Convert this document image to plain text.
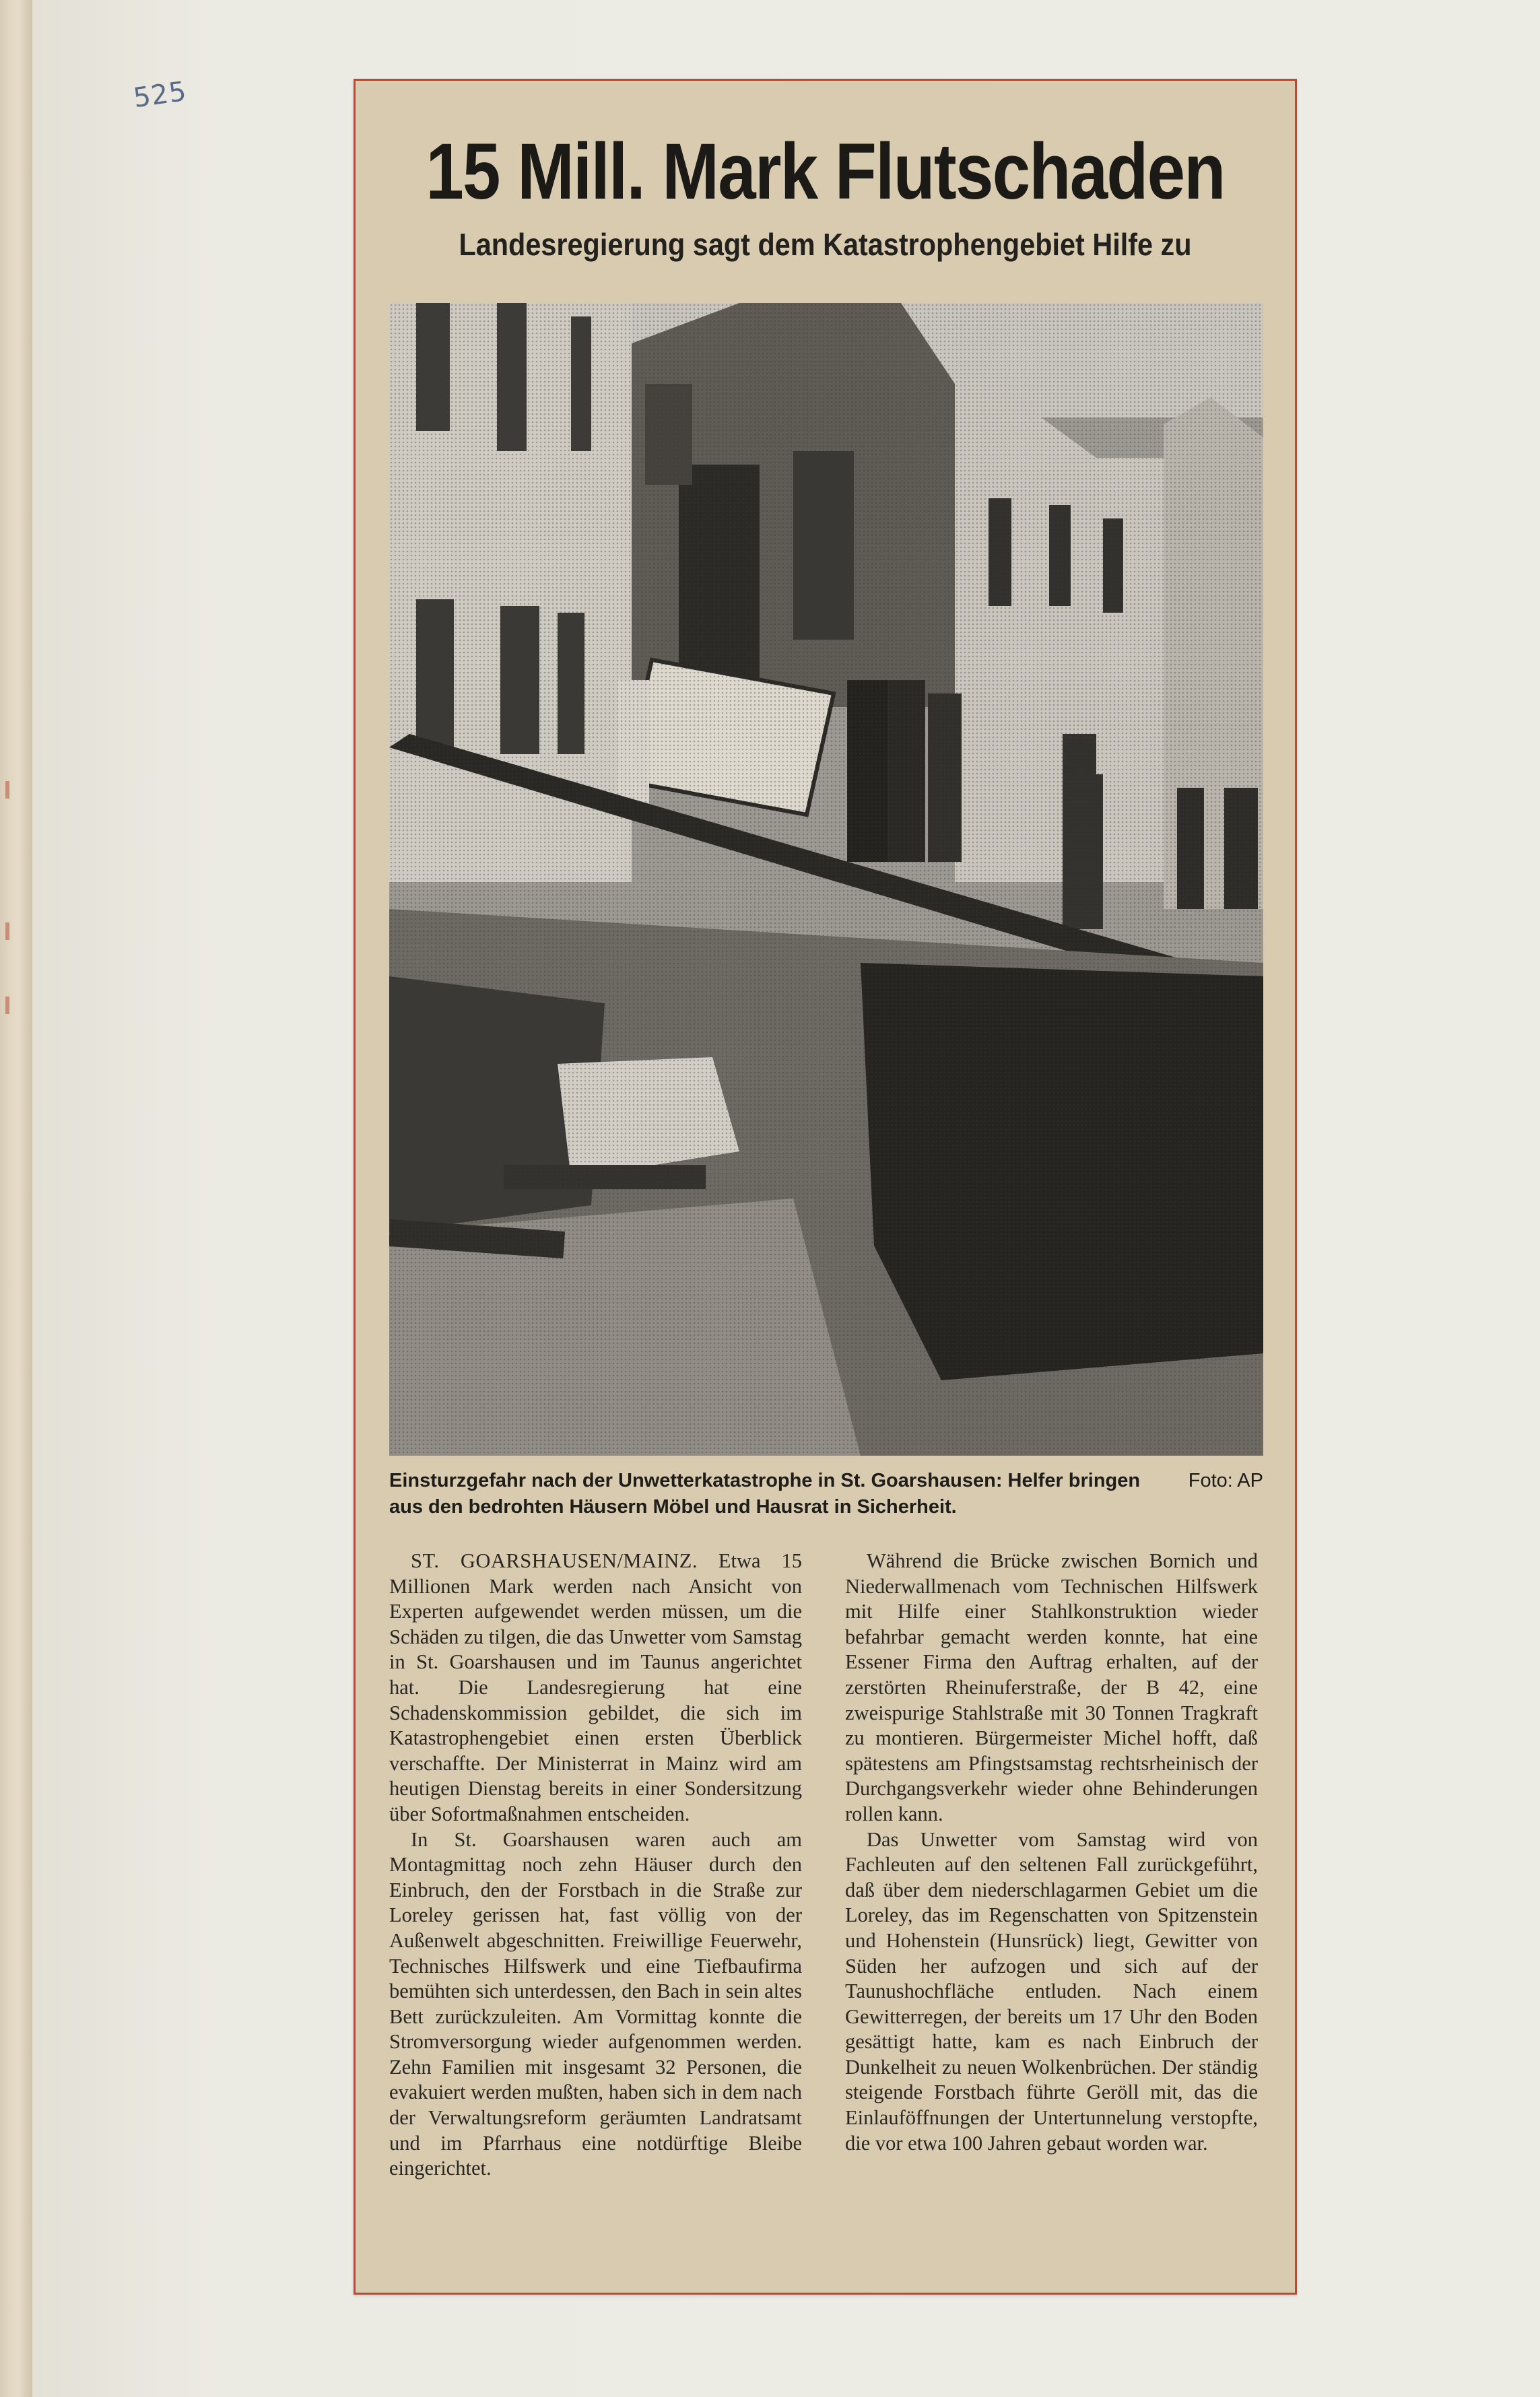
525
15 Mill. Mark Flutschaden
Landesregierung sagt dem Katastrophengebiet Hilfe zu
Foto: AP
Einsturzgefahr nach der Unwetterkatastrophe in St. Goarshausen: Helfer bringen aus den bedrohten Häusern Möbel und Hausrat in Sicherheit.

ST. GOARSHAUSEN/MAINZ. Etwa 15 Millionen Mark werden nach Ansicht von Experten aufgewendet werden müssen, um die Schäden zu tilgen, die das Unwetter vom Samstag in St. Goarshausen und im Taunus angerichtet hat. Die Landesregierung hat eine Schadenskommission gebildet, die sich im Katastrophengebiet einen ersten Überblick verschaffte. Der Ministerrat in Mainz wird am heutigen Dienstag bereits in einer Sondersitzung über Sofortmaßnahmen entscheiden.

In St. Goarshausen waren auch am Montagmittag noch zehn Häuser durch den Einbruch, den der Forstbach in die Straße zur Loreley gerissen hat, fast völlig von der Außenwelt abgeschnitten. Freiwillige Feuerwehr, Technisches Hilfswerk und eine Tiefbaufirma bemühten sich unterdessen, den Bach in sein altes Bett zurückzuleiten. Am Vormittag konnte die Stromversorgung wieder aufgenommen werden. Zehn Familien mit insgesamt 32 Personen, die evakuiert werden mußten, haben sich in dem nach der Verwaltungsreform geräumten Landratsamt und im Pfarrhaus eine notdürftige Bleibe eingerichtet.

Während die Brücke zwischen Bornich und Niederwallmenach vom Technischen Hilfswerk mit Hilfe einer Stahlkonstruktion wieder befahrbar gemacht werden konnte, hat eine Essener Firma den Auftrag erhalten, auf der zerstörten Rheinuferstraße, der B 42, eine zweispurige Stahlstraße mit 30 Tonnen Tragkraft zu montieren. Bürgermeister Michel hofft, daß spätestens am Pfingstsamstag rechtsrheinisch der Durchgangsverkehr wieder ohne Behinderungen rollen kann.

Das Unwetter vom Samstag wird von Fachleuten auf den seltenen Fall zurückgeführt, daß über dem niederschlagarmen Gebiet um die Loreley, das im Regenschatten von Spitzenstein und Hohenstein (Hunsrück) liegt, Gewitter von Süden her aufzogen und sich auf der Taunushochfläche entluden. Nach einem Gewitterregen, der bereits um 17 Uhr den Boden gesättigt hatte, kam es nach Einbruch der Dunkelheit zu neuen Wolkenbrüchen. Der ständig steigende Forstbach führte Geröll mit, das die Einlauföffnungen der Untertunnelung verstopfte, die vor etwa 100 Jahren gebaut worden war.
